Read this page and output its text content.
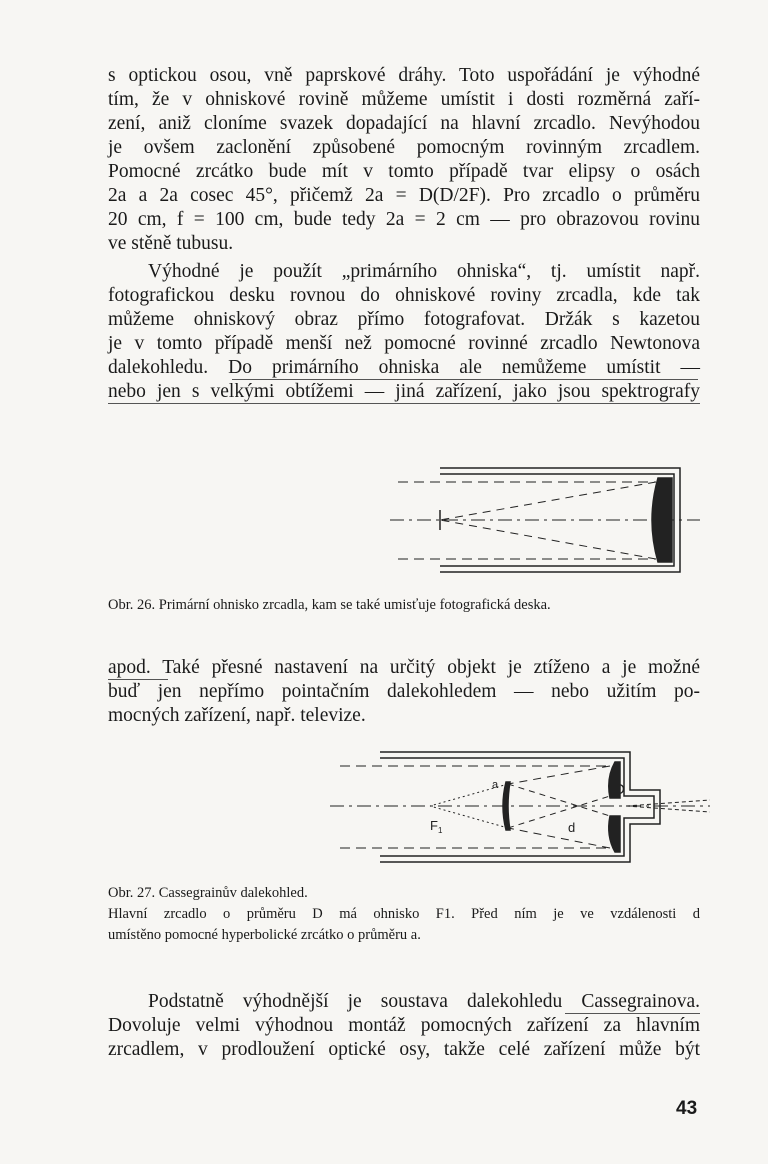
s optickou osou, vně paprskové dráhy. Toto uspořádání je výhodné
tím, že v ohniskové rovině můžeme umístit i dosti rozměrná zaří-
zení, aniž cloníme svazek dopadající na hlavní zrcadlo. Nevýhodou
je ovšem zaclonění způsobené pomocným rovinným zrcadlem.
Pomocné zrcátko bude mít v tomto případě tvar elipsy o osách
2a a 2a cosec 45°, přičemž 2a = D(D/2F). Pro zrcadlo o průměru
20 cm, f = 100 cm, bude tedy 2a = 2 cm — pro obrazovou rovinu
ve stěně tubusu.
Výhodné je použít „primárního ohniska“, tj. umístit např.
fotografickou desku rovnou do ohniskové roviny zrcadla, kde tak
můžeme ohniskový obraz přímo fotografovat. Držák s kazetou
je v tomto případě menší než pomocné rovinné zrcadlo Newtonova
dalekohledu. Do primárního ohniska ale nemůžeme umístit —
nebo jen s velkými obtížemi — jiná zařízení, jako jsou spektrografy
Obr. 26. Primární ohnisko zrcadla, kam se také umisťuje fotografická deska.
apod. Také přesné nastavení na určitý objekt je ztíženo a je možné
buď jen nepřímo pointačním dalekohledem — nebo užitím po-
mocných zařízení, např. televize.
a	D
$F_1$	d
Obr. 27. Cassegrainův dalekohled.
Hlavní zrcadlo o průměru D má ohnisko F1. Před ním je ve vzdálenosti d
umístěno pomocné hyperbolické zrcátko o průměru a.
Podstatně výhodnější je soustava dalekohledu Cassegrainova.
Dovoluje velmi výhodnou montáž pomocných zařízení za hlavním
zrcadlem, v prodloužení optické osy, takže celé zařízení může být
43
